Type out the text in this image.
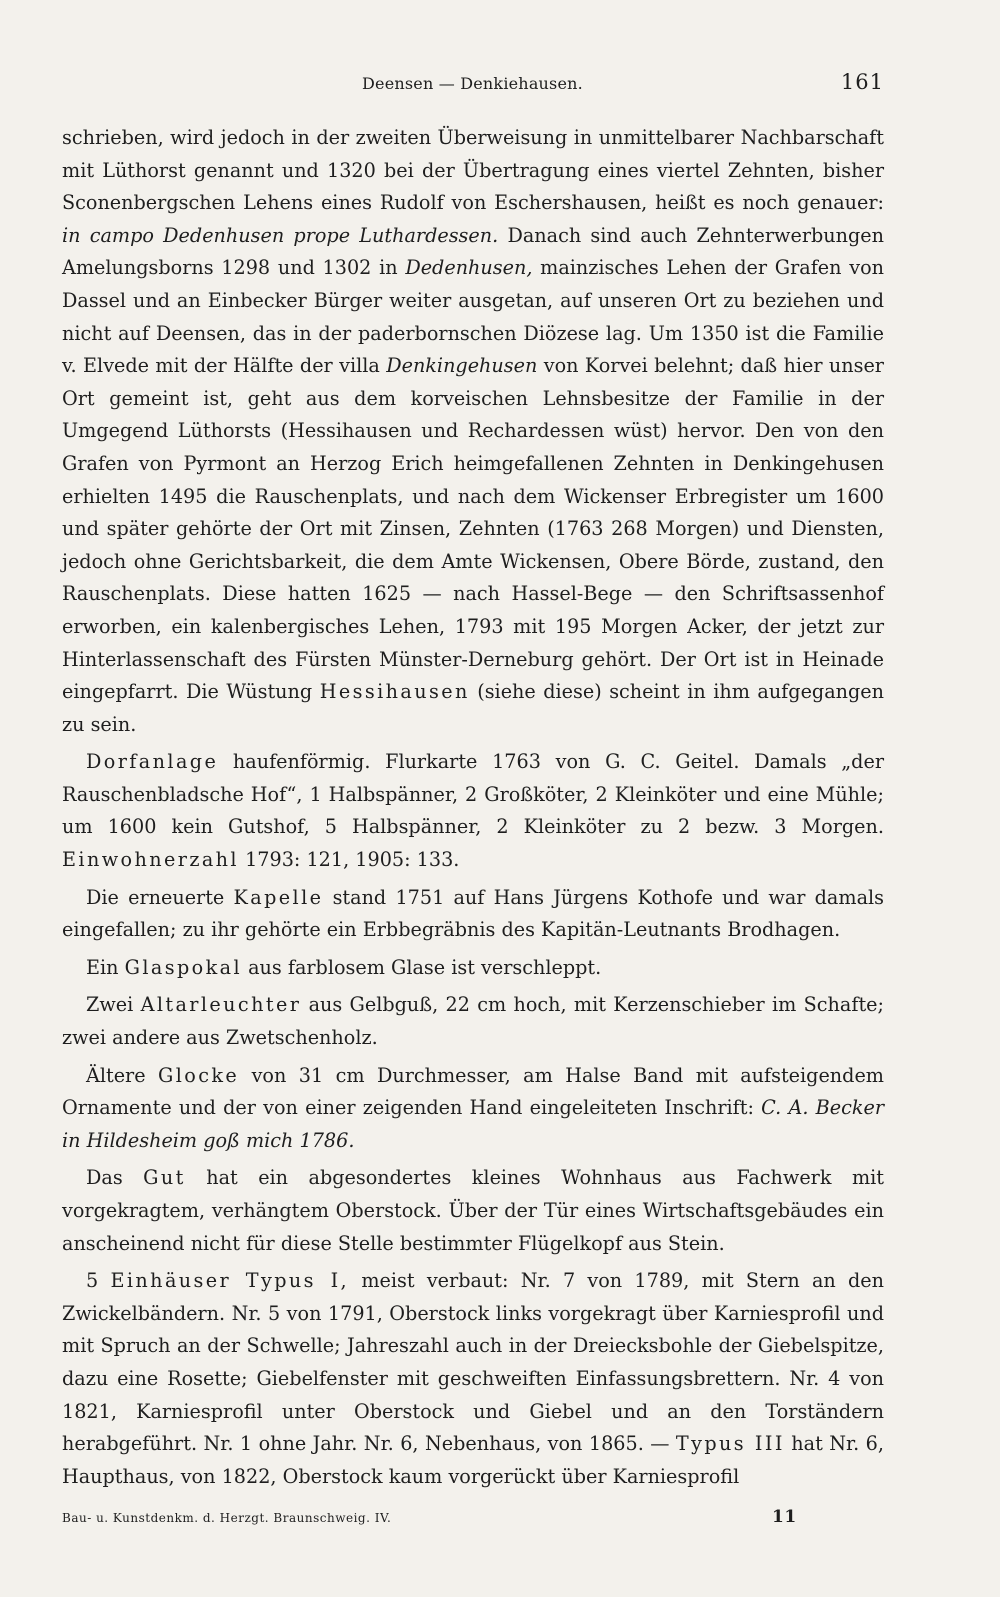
Deensen — Denkiehausen.	161

schrieben, wird jedoch in der zweiten Überweisung in unmittelbarer Nachbarschaft mit Lüthorst genannt und 1320 bei der Übertragung eines viertel Zehnten, bisher Sconenbergschen Lehens eines Rudolf von Eschershausen, heißt es noch genauer: in campo Dedenhusen prope Luthardessen. Danach sind auch Zehnterwerbungen Amelungsborns 1298 und 1302 in Dedenhusen, mainzisches Lehen der Grafen von Dassel und an Einbecker Bürger weiter ausgetan, auf unseren Ort zu beziehen und nicht auf Deensen, das in der paderbornschen Diözese lag. Um 1350 ist die Familie v. Elvede mit der Hälfte der villa Denkingehusen von Korvei belehnt; daß hier unser Ort gemeint ist, geht aus dem korveischen Lehnsbesitze der Familie in der Umgegend Lüthorsts (Hessihausen und Rechardessen wüst) hervor. Den von den Grafen von Pyrmont an Herzog Erich heimgefallenen Zehnten in Denkingehusen erhielten 1495 die Rauschenplats, und nach dem Wickenser Erbregister um 1600 und später gehörte der Ort mit Zinsen, Zehnten (1763 268 Morgen) und Diensten, jedoch ohne Gerichtsbarkeit, die dem Amte Wickensen, Obere Börde, zustand, den Rauschenplats. Diese hatten 1625 — nach Hassel-Bege — den Schriftsassenhof erworben, ein kalenbergisches Lehen, 1793 mit 195 Morgen Acker, der jetzt zur Hinterlassenschaft des Fürsten Münster-Derneburg gehört. Der Ort ist in Heinade eingepfarrt. Die Wüstung Hessihausen (siehe diese) scheint in ihm aufgegangen zu sein.

Dorfanlage haufenförmig. Flurkarte 1763 von G. C. Geitel. Damals „der Rauschenbladsche Hof“, 1 Halbspänner, 2 Großköter, 2 Kleinköter und eine Mühle; um 1600 kein Gutshof, 5 Halbspänner, 2 Kleinköter zu 2 bezw. 3 Morgen. Einwohnerzahl 1793: 121, 1905: 133.

Die erneuerte Kapelle stand 1751 auf Hans Jürgens Kothofe und war damals eingefallen; zu ihr gehörte ein Erbbegräbnis des Kapitän-Leutnants Brodhagen.

Ein Glaspokal aus farblosem Glase ist verschleppt.

Zwei Altarleuchter aus Gelbguß, 22 cm hoch, mit Kerzenschieber im Schafte; zwei andere aus Zwetschenholz.

Ältere Glocke von 31 cm Durchmesser, am Halse Band mit aufsteigendem Ornamente und der von einer zeigenden Hand eingeleiteten Inschrift: C. A. Becker in Hildesheim goß mich 1786.

Das Gut hat ein abgesondertes kleines Wohnhaus aus Fachwerk mit vorgekragtem, verhängtem Oberstock. Über der Tür eines Wirtschaftsgebäudes ein anscheinend nicht für diese Stelle bestimmter Flügelkopf aus Stein.

5 Einhäuser Typus I, meist verbaut: Nr. 7 von 1789, mit Stern an den Zwickelbändern. Nr. 5 von 1791, Oberstock links vorgekragt über Karniesprofil und mit Spruch an der Schwelle; Jahreszahl auch in der Dreiecksbohle der Giebelspitze, dazu eine Rosette; Giebelfenster mit geschweiften Einfassungsbrettern. Nr. 4 von 1821, Karniesprofil unter Oberstock und Giebel und an den Torständern herabgeführt. Nr. 1 ohne Jahr. Nr. 6, Nebenhaus, von 1865. — Typus III hat Nr. 6, Haupthaus, von 1822, Oberstock kaum vorgerückt über Karniesprofil

Bau- u. Kunstdenkm. d. Herzgt. Braunschweig. IV.	11
